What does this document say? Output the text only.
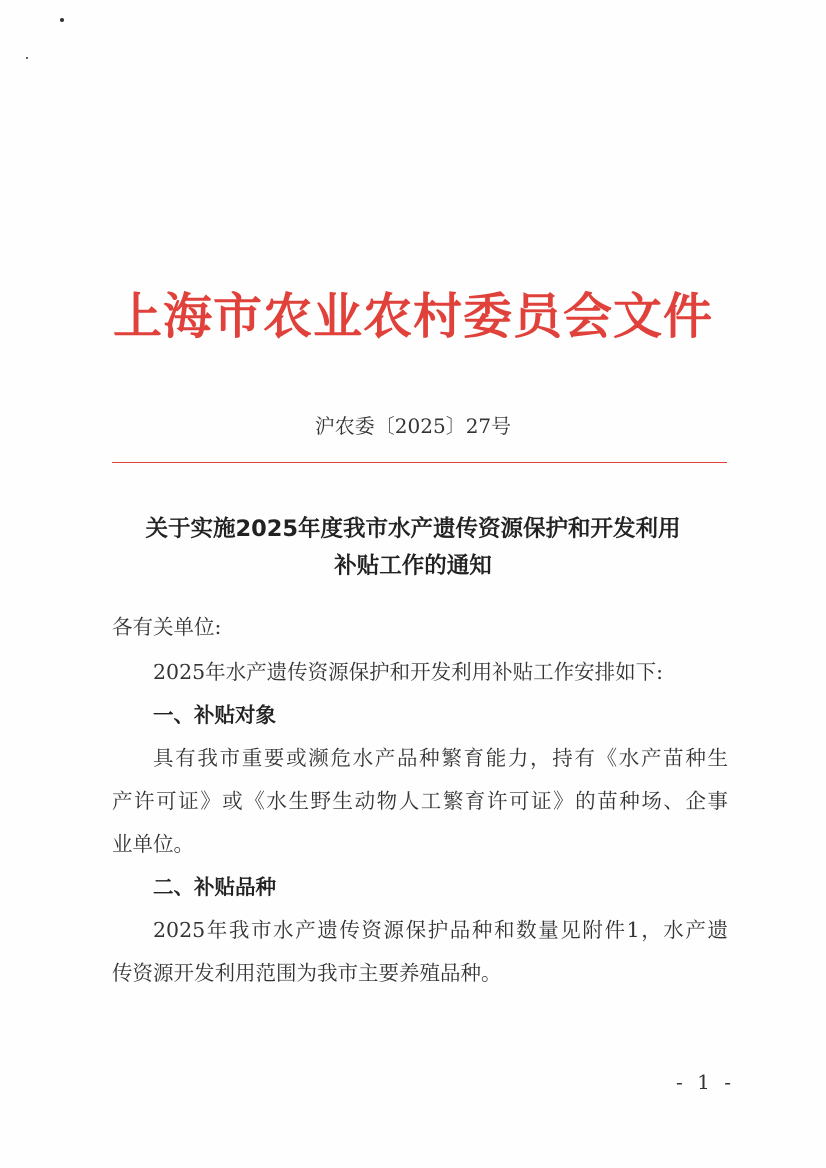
上海市农业农村委员会文件
沪农委〔2025〕27号
关于实施2025年度我市水产遗传资源保护和开发利用
补贴工作的通知
各有关单位:
2025年水产遗传资源保护和开发利用补贴工作安排如下:
一、补贴对象
具有我市重要或濒危水产品种繁育能力，持有《水产苗种生
产许可证》或《水生野生动物人工繁育许可证》的苗种场、企事
业单位。
二、补贴品种
2025年我市水产遗传资源保护品种和数量见附件1，水产遗
传资源开发利用范围为我市主要养殖品种。
- 1 -
